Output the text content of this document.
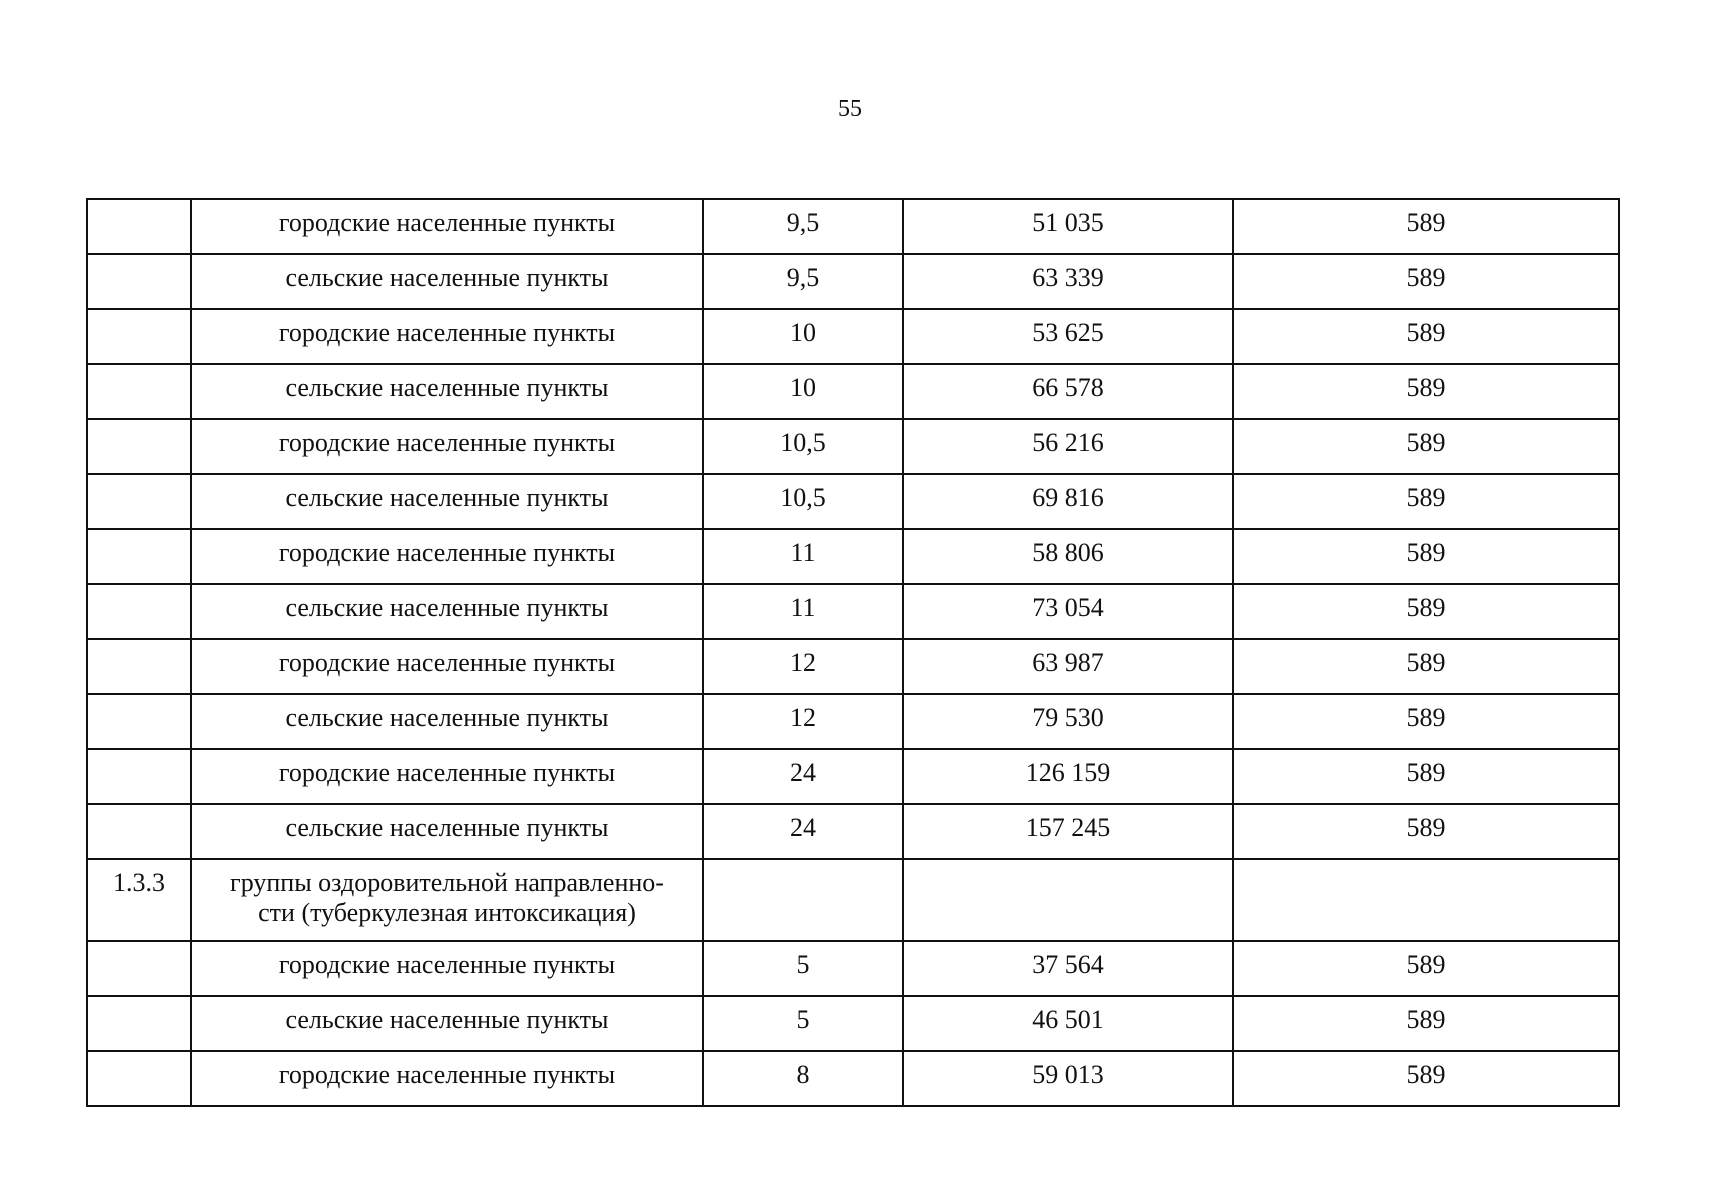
55
	городские населенные пункты	9,5	51 035	589
	сельские населенные пункты	9,5	63 339	589
	городские населенные пункты	10	53 625	589
	сельские населенные пункты	10	66 578	589
	городские населенные пункты	10,5	56 216	589
	сельские населенные пункты	10,5	69 816	589
	городские населенные пункты	11	58 806	589
	сельские населенные пункты	11	73 054	589
	городские населенные пункты	12	63 987	589
	сельские населенные пункты	12	79 530	589
	городские населенные пункты	24	126 159	589
	сельские населенные пункты	24	157 245	589
1.3.3	группы оздоровительной направленно-
сти (туберкулезная интоксикация)			
	городские населенные пункты	5	37 564	589
	сельские населенные пункты	5	46 501	589
	городские населенные пункты	8	59 013	589
